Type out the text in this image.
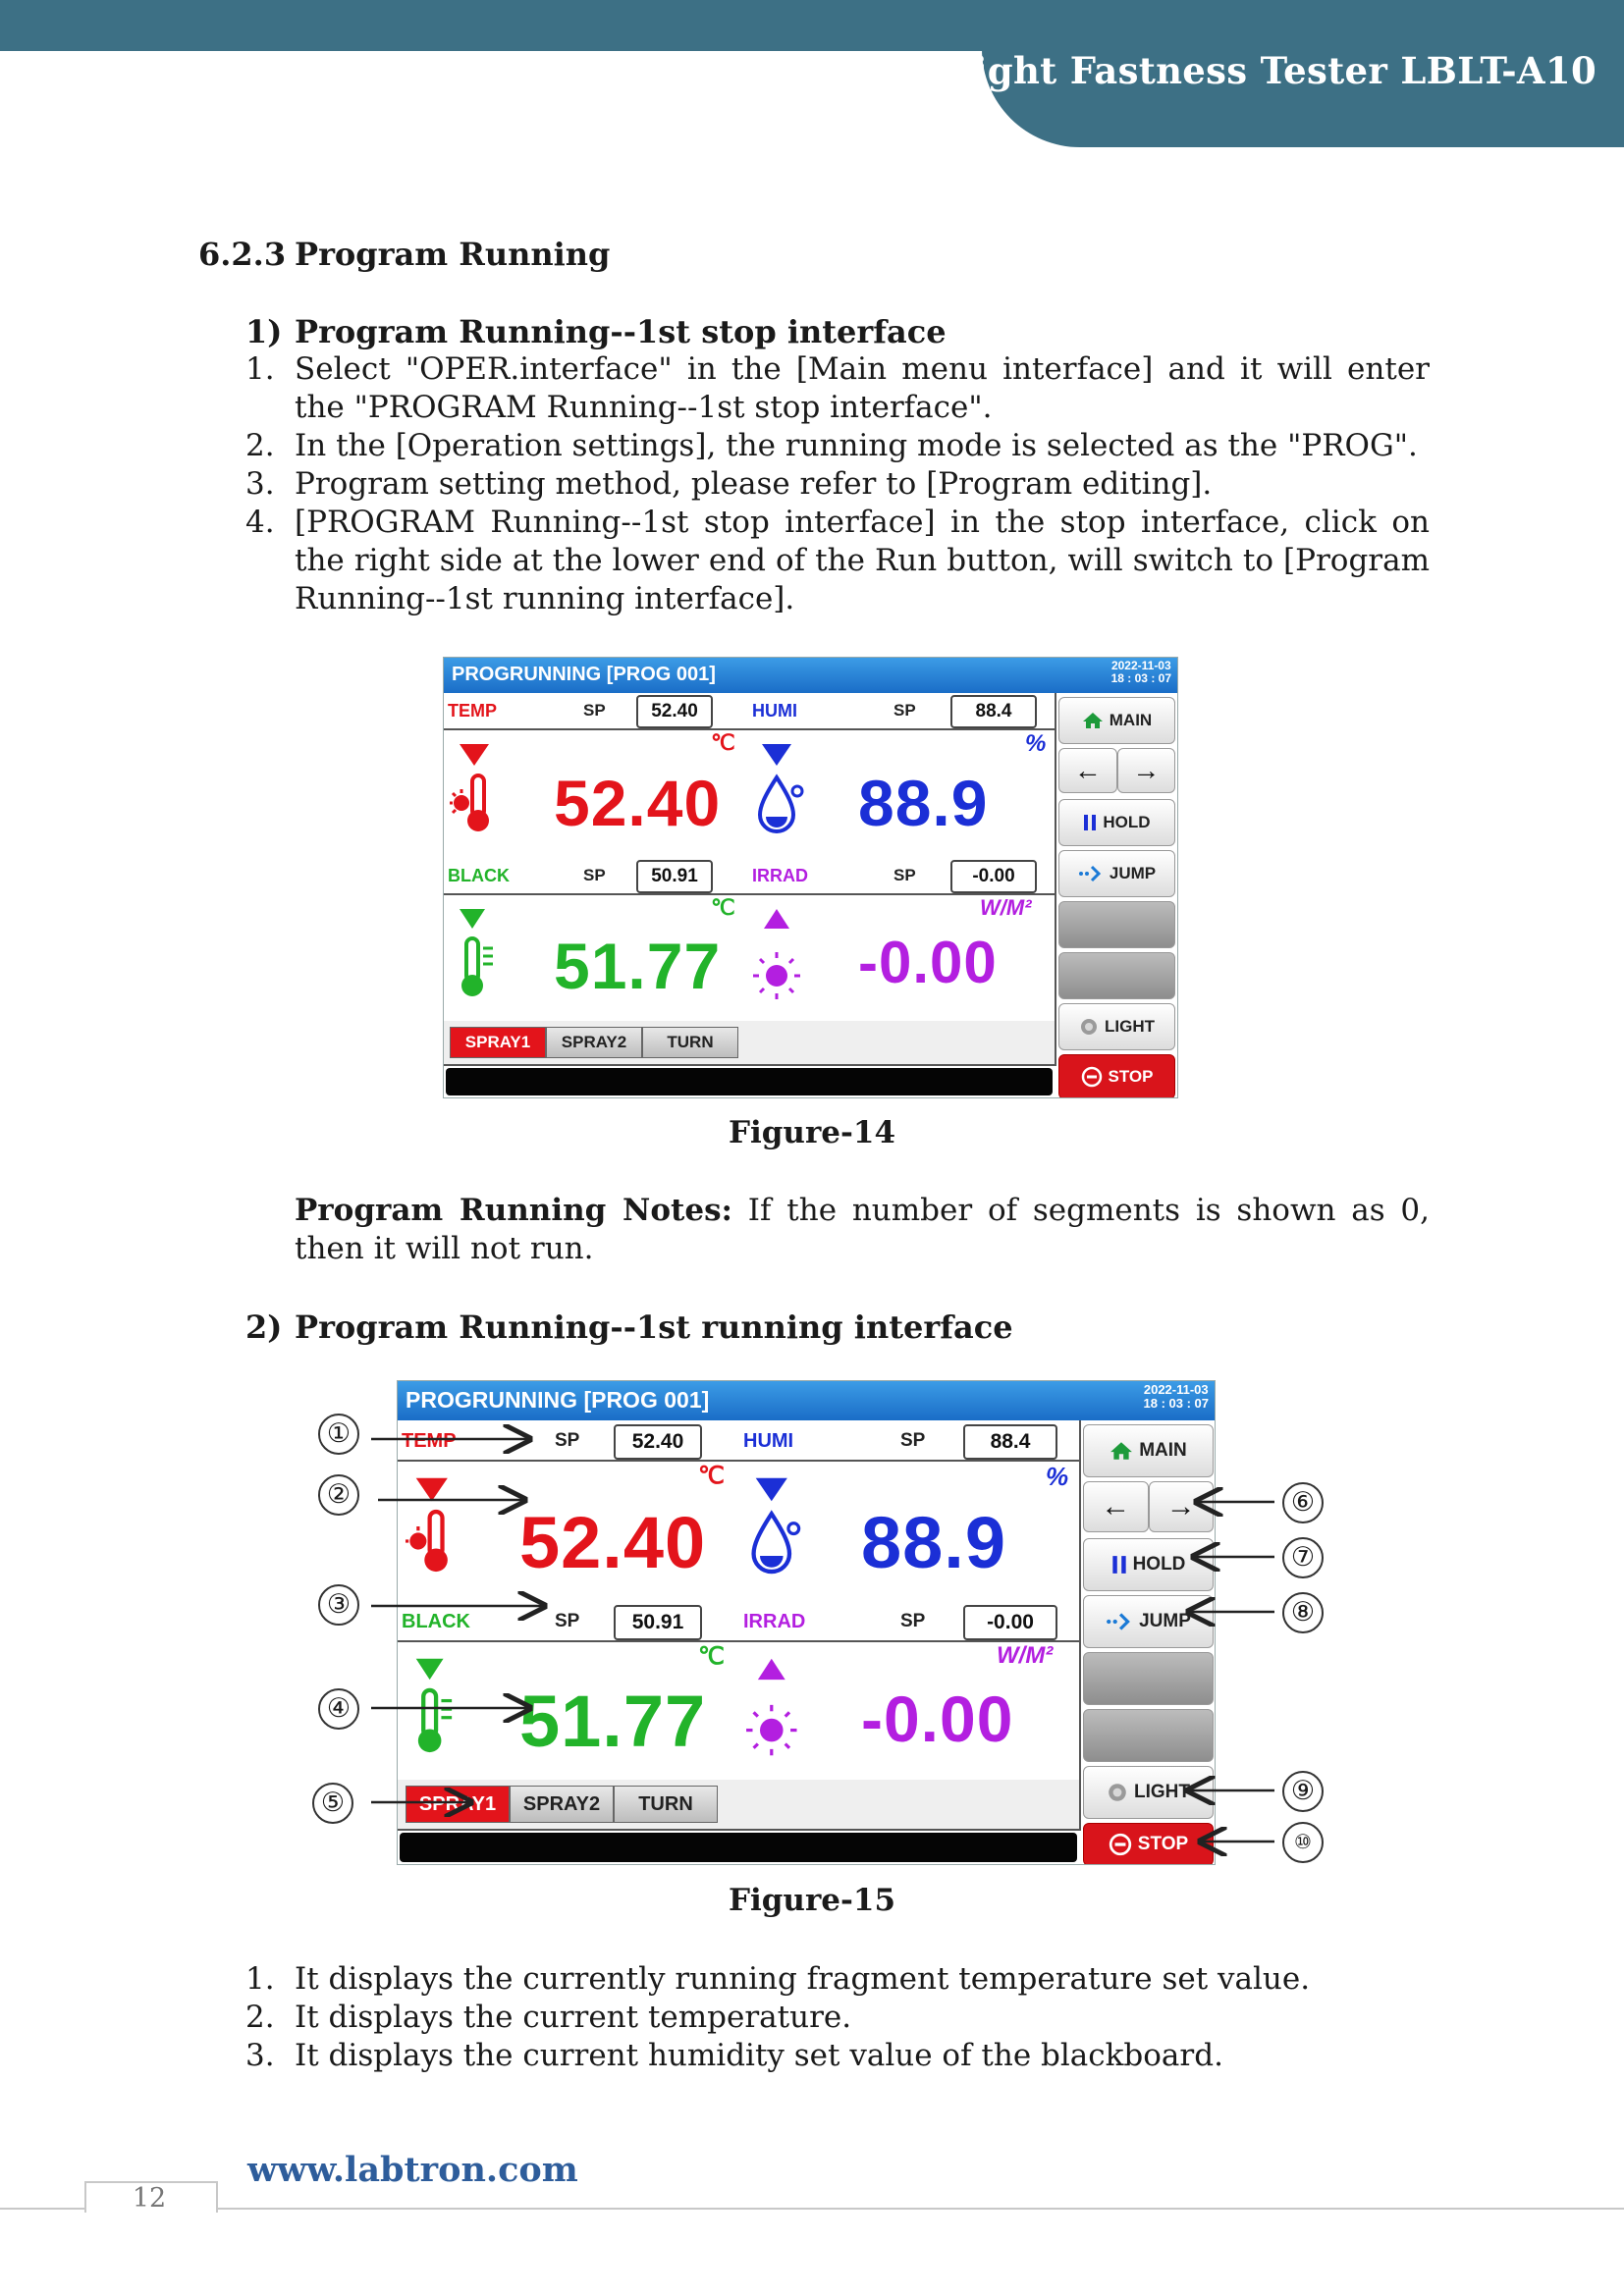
Light Fastness Tester LBLT-A10
6.2.3 Program Running
1) Program Running--1st stop interface
1. Select "OPER.interface" in the [Main menu interface] and it will enter the "PROGRAM Running--1st stop interface".
2. In the [Operation settings], the running mode is selected as the "PROG".
3. Program setting method, please refer to [Program editing].
4. [PROGRAM Running--1st stop interface] in the stop interface, click on the right side at the lower end of the Run button, will switch to [Program Running--1st running interface].
PROGRUNNING [PROG 001]	2022-11-03
18 : 03 : 07
TEMP	SP	52.40
℃
52.40
HUMI	SP	88.4
%
88.9
BLACK	SP	50.91
℃
51.77
IRRAD	SP	-0.00
W/M²
-0.00
SPRAY1	SPRAY2	TURN
MAIN
←	→
HOLD
JUMP
LIGHT
STOP
Figure-14
Program Running Notes: If the number of segments is shown as 0, then it will not run.
2) Program Running--1st running interface
PROGRUNNING [PROG 001]	2022-11-03
18 : 03 : 07
TEMP	SP	52.40
℃
52.40
HUMI	SP	88.4
%
88.9
BLACK	SP	50.91
℃
51.77
IRRAD	SP	-0.00
W/M²
-0.00
SPRAY1	SPRAY2	TURN
MAIN
←	→
HOLD
JUMP
LIGHT
STOP
①
②
③
④
⑤
⑥
⑦
⑧
⑨
⑩
Figure-15
1. It displays the currently running fragment temperature set value.
2. It displays the current temperature.
3. It displays the current humidity set value of the blackboard.
www.labtron.com
12
